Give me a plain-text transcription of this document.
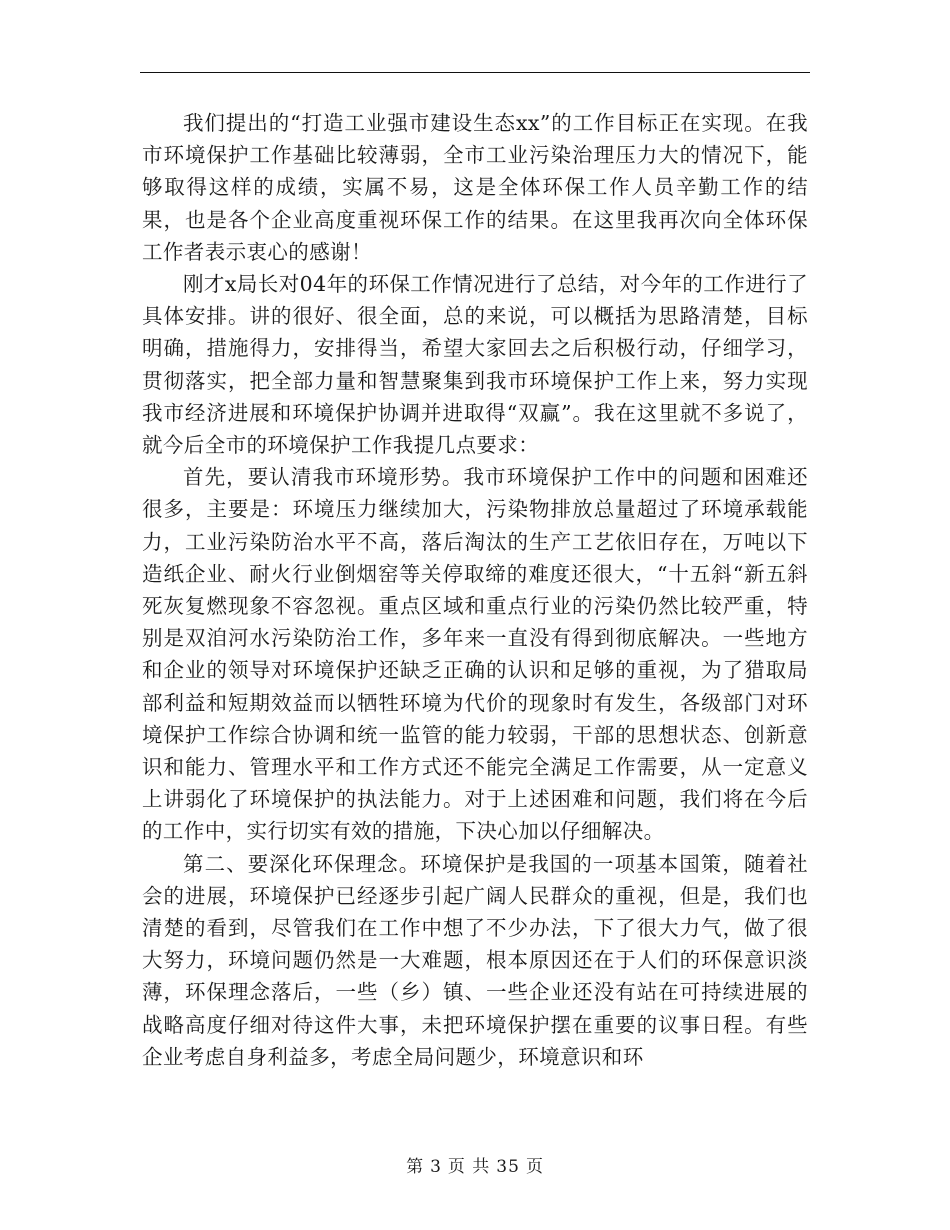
我们提出的“打造工业强市建设生态xx”的工作目标正在实现。在我市环境保护工作基础比较薄弱，全市工业污染治理压力大的情况下，能够取得这样的成绩，实属不易，这是全体环保工作人员辛勤工作的结果，也是各个企业高度重视环保工作的结果。在这里我再次向全体环保工作者表示衷心的感谢！

刚才x局长对04年的环保工作情况进行了总结，对今年的工作进行了具体安排。讲的很好、很全面，总的来说，可以概括为思路清楚，目标明确，措施得力，安排得当，希望大家回去之后积极行动，仔细学习，贯彻落实，把全部力量和智慧聚集到我市环境保护工作上来，努力实现我市经济进展和环境保护协调并进取得“双赢”。我在这里就不多说了，就今后全市的环境保护工作我提几点要求：

首先，要认清我市环境形势。我市环境保护工作中的问题和困难还很多，主要是：环境压力继续加大，污染物排放总量超过了环境承载能力，工业污染防治水平不高，落后淘汰的生产工艺依旧存在，万吨以下造纸企业、耐火行业倒烟窑等关停取缔的难度还很大，“十五斜“新五斜死灰复燃现象不容忽视。重点区域和重点行业的污染仍然比较严重，特别是双洎河水污染防治工作，多年来一直没有得到彻底解决。一些地方和企业的领导对环境保护还缺乏正确的认识和足够的重视，为了猎取局部利益和短期效益而以牺牲环境为代价的现象时有发生，各级部门对环境保护工作综合协调和统一监管的能力较弱，干部的思想状态、创新意识和能力、管理水平和工作方式还不能完全满足工作需要，从一定意义上讲弱化了环境保护的执法能力。对于上述困难和问题，我们将在今后的工作中，实行切实有效的措施，下决心加以仔细解决。

第二、要深化环保理念。环境保护是我国的一项基本国策，随着社会的进展，环境保护已经逐步引起广阔人民群众的重视，但是，我们也清楚的看到，尽管我们在工作中想了不少办法，下了很大力气，做了很大努力，环境问题仍然是一大难题，根本原因还在于人们的环保意识淡薄，环保理念落后，一些（乡）镇、一些企业还没有站在可持续进展的战略高度仔细对待这件大事，未把环境保护摆在重要的议事日程。有些企业考虑自身利益多，考虑全局问题少，环境意识和环

第 3 页 共 35 页
